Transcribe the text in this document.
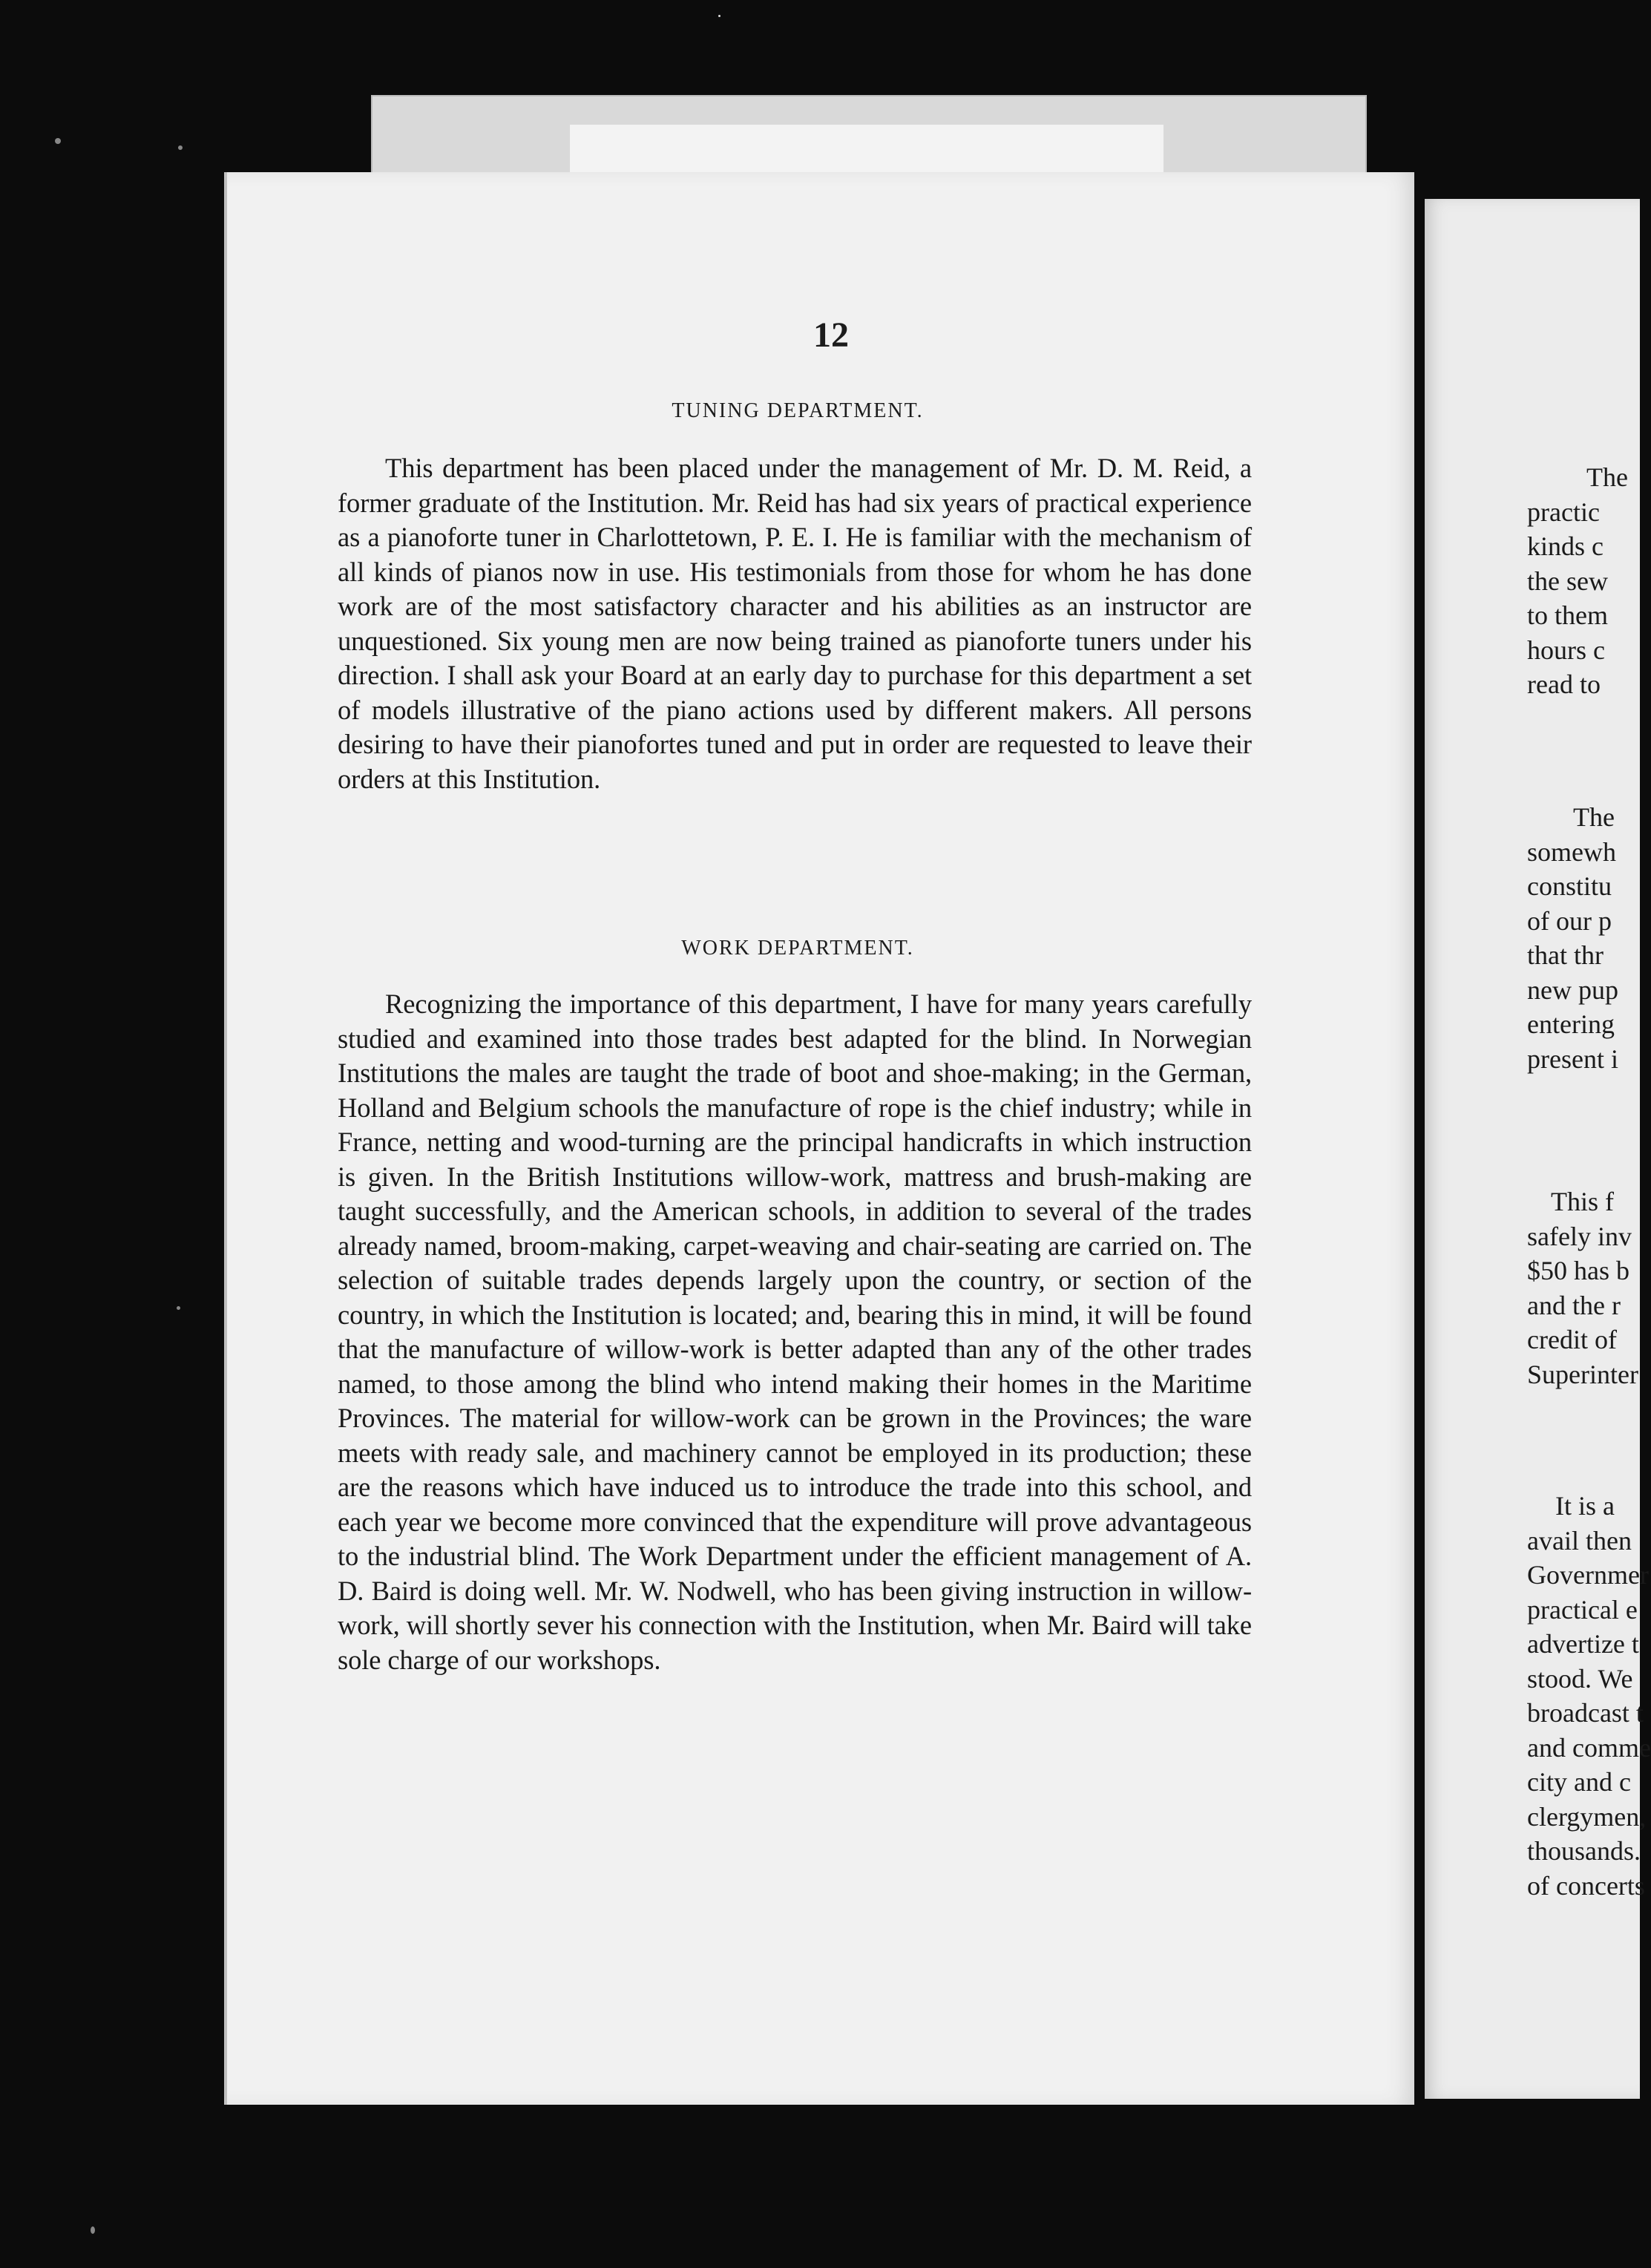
12
TUNING DEPARTMENT.

This department has been placed under the management of Mr. D. M. Reid, a former graduate of the Institution. Mr. Reid has had six years of practical experience as a pianoforte tuner in Charlottetown, P. E. I. He is familiar with the mechanism of all kinds of pianos now in use. His testimonials from those for whom he has done work are of the most satisfactory character and his abilities as an instructor are unquestioned. Six young men are now being trained as pianoforte tuners under his direction. I shall ask your Board at an early day to purchase for this department a set of models illustrative of the piano actions used by different makers. All persons desiring to have their pianofortes tuned and put in order are requested to leave their orders at this Institution.

WORK DEPARTMENT.

Recognizing the importance of this department, I have for many years carefully studied and examined into those trades best adapted for the blind. In Norwegian Institutions the males are taught the trade of boot and shoe-making; in the German, Holland and Belgium schools the manufacture of rope is the chief industry; while in France, netting and wood-turning are the principal handicrafts in which instruction is given. In the British Institutions willow-work, mattress and brush-making are taught successfully, and the American schools, in addition to several of the trades already named, broom-making, carpet-weaving and chair-seating are carried on. The selection of suitable trades depends largely upon the country, or section of the country, in which the Institution is located; and, bearing this in mind, it will be found that the manufacture of willow-work is better adapted than any of the other trades named, to those among the blind who intend making their homes in the Maritime Provinces. The material for willow-work can be grown in the Provinces; the ware meets with ready sale, and machinery cannot be employed in its production; these are the reasons which have induced us to introduce the trade into this school, and each year we become more convinced that the expenditure will prove advantageous to the industrial blind. The Work Department under the efficient management of A. D. Baird is doing well. Mr. W. Nodwell, who has been giving instruction in willow-work, will shortly sever his connection with the Institution, when Mr. Baird will take sole charge of our workshops.

The
practic
kinds c
the sew
to them
hours c
read to
The
somewh
constitu
of our p
that thr
new pup
entering
present i
This f
safely inv
$50 has b
and the r
credit of
Superinter
It is a
avail then
Governmer
practical e
advertize t
stood. We
broadcast t
and comme
city and c
clergymen,
thousands.
of concerts
